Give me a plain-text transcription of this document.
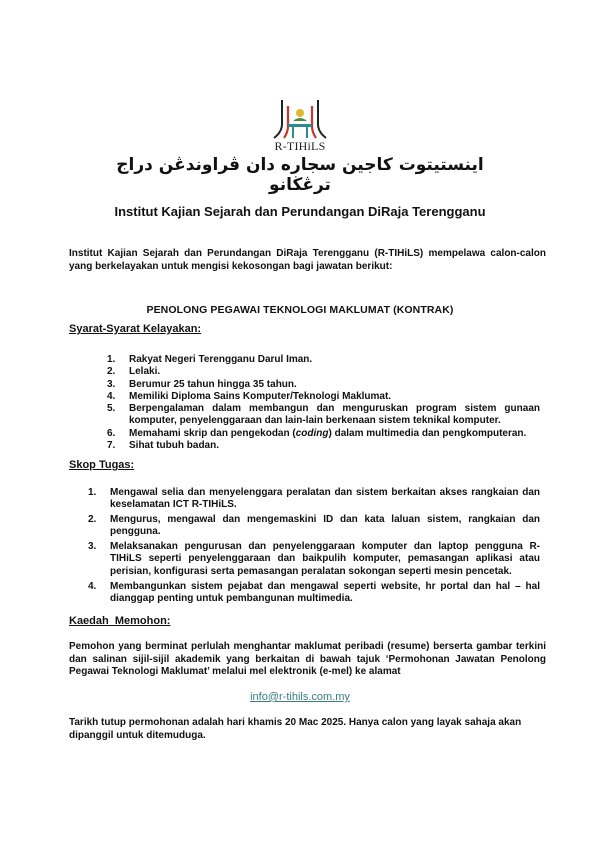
R-TIHiLS
اينستيتوت كاجين سجاره دان ڤراوندڠن دراج ترڠڬانو
Institut Kajian Sejarah dan Perundangan DiRaja Terengganu
Institut Kajian Sejarah dan Perundangan DiRaja Terengganu (R-TIHiLS) mempelawa calon-calon yang berkelayakan untuk mengisi kekosongan bagi jawatan berikut:
PENOLONG PEGAWAI TEKNOLOGI MAKLUMAT (KONTRAK)
Syarat-Syarat Kelayakan:
1. Rakyat Negeri Terengganu Darul Iman.
2. Lelaki.
3. Berumur 25 tahun hingga 35 tahun.
4. Memiliki Diploma Sains Komputer/Teknologi Maklumat.
5. Berpengalaman dalam membangun dan menguruskan program sistem gunaan komputer, penyelenggaraan dan lain-lain berkenaan sistem teknikal komputer.
6. Memahami skrip dan pengekodan (coding) dalam multimedia dan pengkomputeran.
7. Sihat tubuh badan.
Skop Tugas:
1. Mengawal selia dan menyelenggara peralatan dan sistem berkaitan akses rangkaian dan keselamatan ICT R-TIHiLS.
2. Mengurus, mengawal dan mengemaskini ID dan kata laluan sistem, rangkaian dan pengguna.
3. Melaksanakan pengurusan dan penyelenggaraan komputer dan laptop pengguna R-TIHiLS seperti penyelenggaraan dan baikpulih komputer, pemasangan aplikasi atau perisian, konfigurasi serta pemasangan peralatan sokongan seperti mesin pencetak.
4. Membangunkan sistem pejabat dan mengawal seperti website, hr portal dan hal – hal dianggap penting untuk pembangunan multimedia.
Kaedah  Memohon:
Pemohon yang berminat perlulah menghantar maklumat peribadi (resume) berserta gambar terkini dan salinan sijil-sijil akademik yang berkaitan di bawah tajuk ‘Permohonan Jawatan Penolong Pegawai Teknologi Maklumat’ melalui mel elektronik (e-mel) ke alamat
info@r-tihils.com.my
Tarikh tutup permohonan adalah hari khamis 20 Mac 2025. Hanya calon yang layak sahaja akan dipanggil untuk ditemuduga.
